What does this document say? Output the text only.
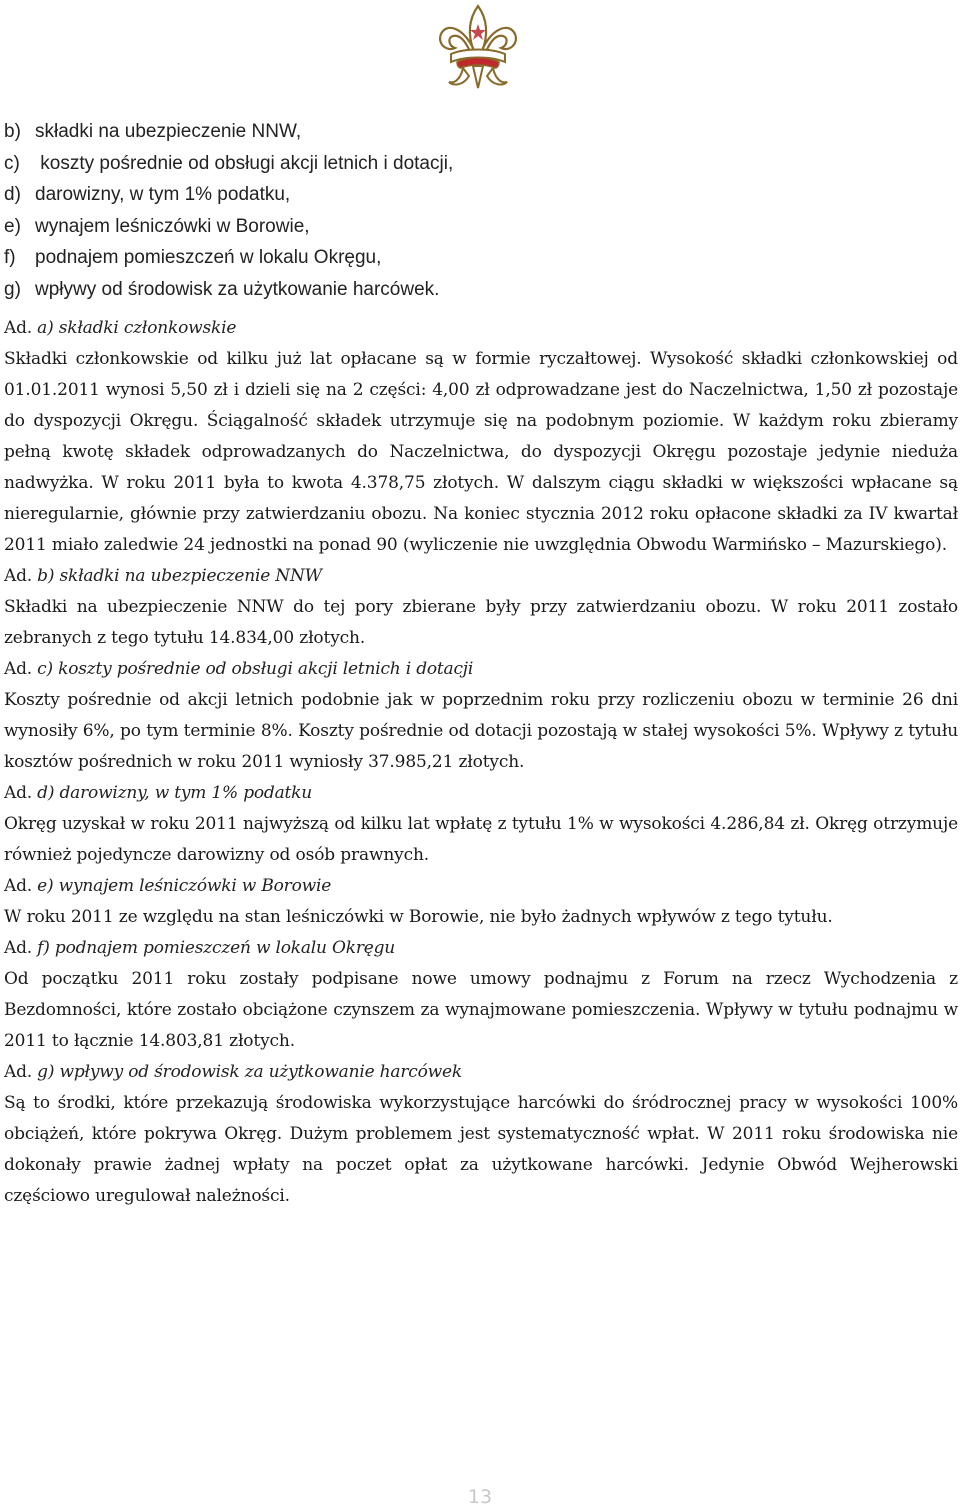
b) składki na ubezpieczenie NNW,
c) koszty pośrednie od obsługi akcji letnich i dotacji,
d) darowizny, w tym 1% podatku,
e) wynajem leśniczówki w Borowie,
f) podnajem pomieszczeń w lokalu Okręgu,
g) wpływy od środowisk za użytkowanie harcówek.

Ad. a) składki członkowskie

Składki członkowskie od kilku już lat opłacane są w formie ryczałtowej. Wysokość składki członkowskiej od 01.01.2011 wynosi 5,50 zł i dzieli się na 2 części: 4,00 zł odprowadzane jest do Naczelnictwa, 1,50 zł pozostaje do dyspozycji Okręgu. Ściągalność składek utrzymuje się na podobnym poziomie. W każdym roku zbieramy pełną kwotę składek odprowadzanych do Naczelnictwa, do dyspozycji Okręgu pozostaje jedynie nieduża nadwyżka. W roku 2011 była to kwota 4.378,75 złotych. W dalszym ciągu składki w większości wpłacane są nieregularnie, głównie przy zatwierdzaniu obozu. Na koniec stycznia 2012 roku opłacone składki za IV kwartał 2011 miało zaledwie 24 jednostki na ponad 90 (wyliczenie nie uwzględnia Obwodu Warmińsko – Mazurskiego).

Ad. b) składki na ubezpieczenie NNW

Składki na ubezpieczenie NNW do tej pory zbierane były przy zatwierdzaniu obozu. W roku 2011 zostało zebranych z tego tytułu 14.834,00 złotych.

Ad. c) koszty pośrednie od obsługi akcji letnich i dotacji

Koszty pośrednie od akcji letnich podobnie jak w poprzednim roku przy rozliczeniu obozu w terminie 26 dni wynosiły 6%, po tym terminie 8%. Koszty pośrednie od dotacji pozostają w stałej wysokości 5%. Wpływy z tytułu kosztów pośrednich w roku 2011 wyniosły 37.985,21 złotych.

Ad. d) darowizny, w tym 1% podatku

Okręg uzyskał w roku 2011 najwyższą od kilku lat wpłatę z tytułu 1% w wysokości 4.286,84 zł. Okręg otrzymuje również pojedyncze darowizny od osób prawnych.

Ad. e) wynajem leśniczówki w Borowie

W roku 2011 ze względu na stan leśniczówki w Borowie, nie było żadnych wpływów z tego tytułu.

Ad. f) podnajem pomieszczeń w lokalu Okręgu

Od początku 2011 roku zostały podpisane nowe umowy podnajmu z Forum na rzecz Wychodzenia z Bezdomności, które zostało obciążone czynszem za wynajmowane pomieszczenia. Wpływy w tytułu podnajmu w 2011 to łącznie 14.803,81 złotych.

Ad. g) wpływy od środowisk za użytkowanie harcówek

Są to środki, które przekazują środowiska wykorzystujące harcówki do śródrocznej pracy w wysokości 100% obciążeń, które pokrywa Okręg. Dużym problemem jest systematyczność wpłat. W 2011 roku środowiska nie dokonały prawie żadnej wpłaty na poczet opłat za użytkowane harcówki. Jedynie Obwód Wejherowski częściowo uregulował należności.

13
